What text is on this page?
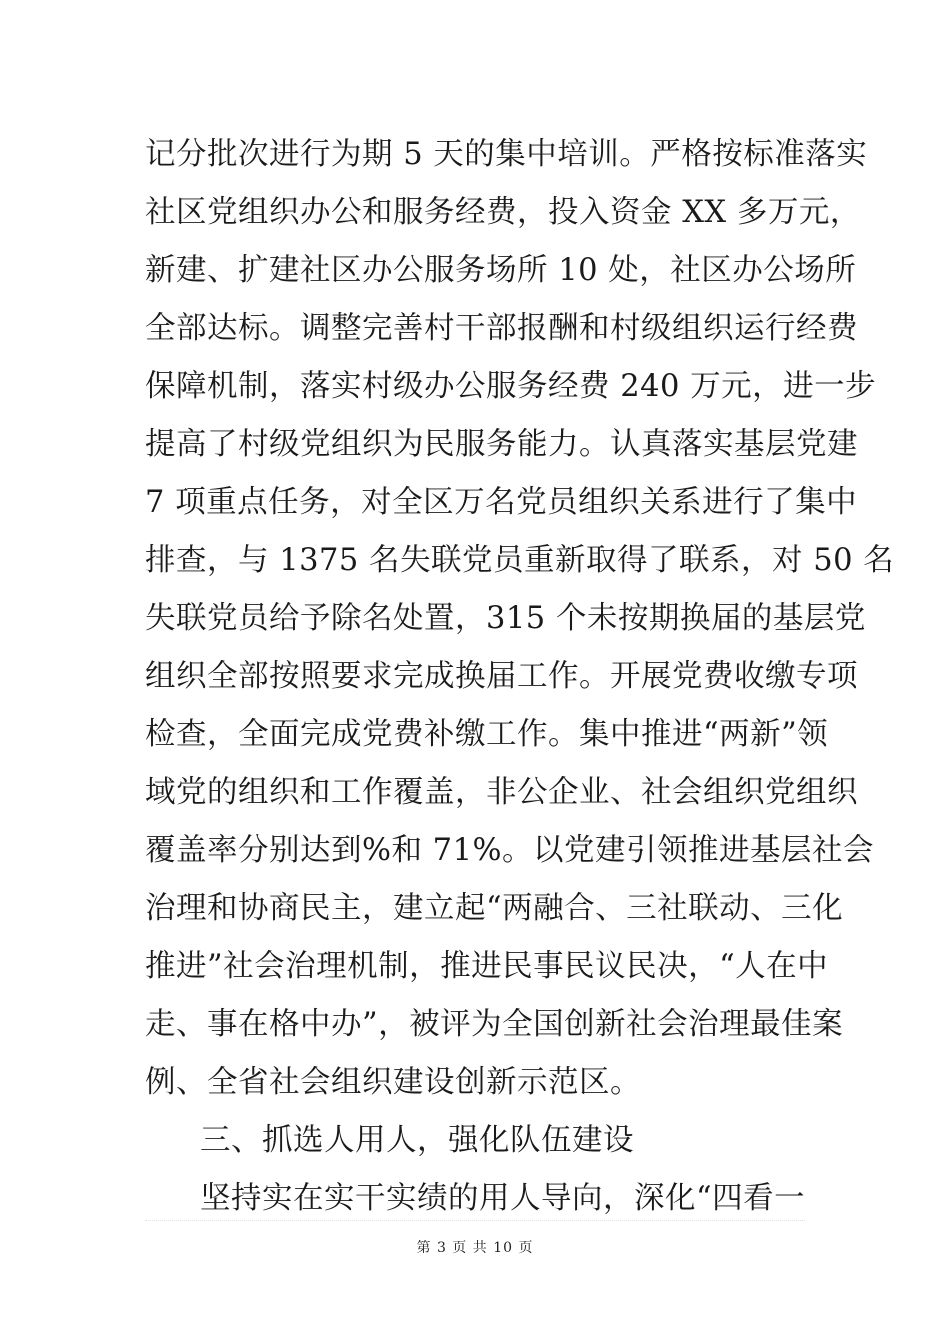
记分批次进行为期 5 天的集中培训。严格按标准落实
社区党组织办公和服务经费，投入资金 XX 多万元，
新建、扩建社区办公服务场所 10 处，社区办公场所
全部达标。调整完善村干部报酬和村级组织运行经费
保障机制，落实村级办公服务经费 240 万元，进一步
提高了村级党组织为民服务能力。认真落实基层党建
7 项重点任务，对全区万名党员组织关系进行了集中
排查，与 1375 名失联党员重新取得了联系，对 50 名
失联党员给予除名处置，315 个未按期换届的基层党
组织全部按照要求完成换届工作。开展党费收缴专项
检查，全面完成党费补缴工作。集中推进“两新”领
域党的组织和工作覆盖，非公企业、社会组织党组织
覆盖率分别达到%和 71%。以党建引领推进基层社会
治理和协商民主，建立起“两融合、三社联动、三化
推进”社会治理机制，推进民事民议民决，“人在中
走、事在格中办”，被评为全国创新社会治理最佳案
例、全省社会组织建设创新示范区。
三、抓选人用人，强化队伍建设
坚持实在实干实绩的用人导向，深化“四看一
第 3 页 共 10 页
